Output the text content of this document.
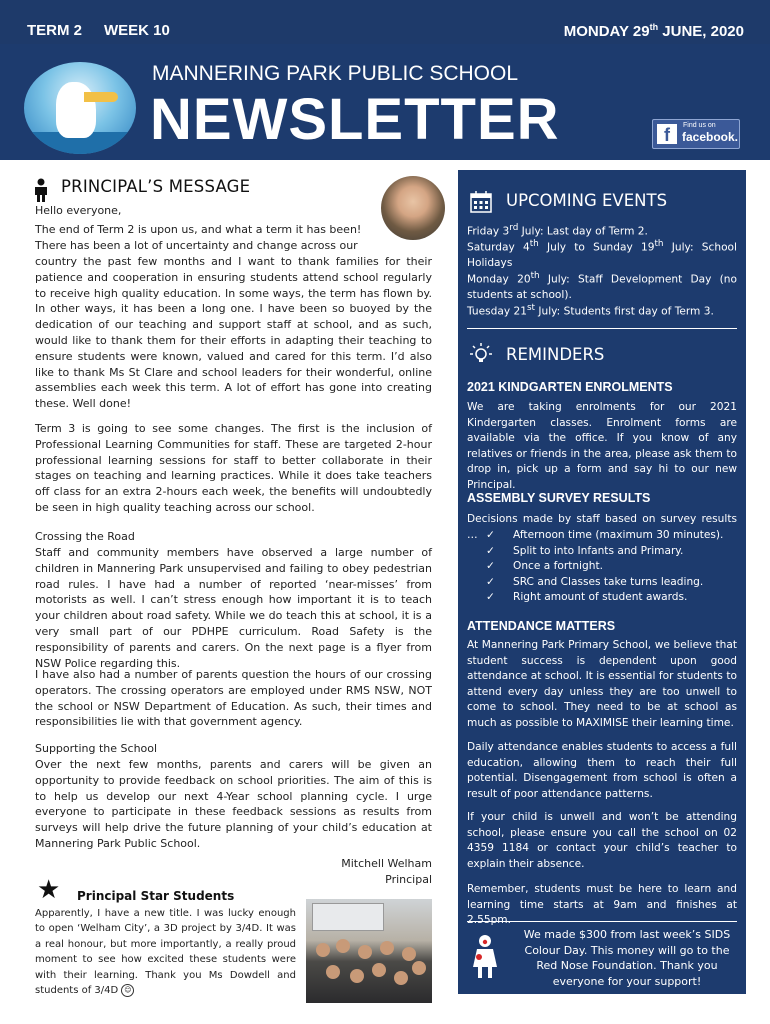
TERM 2 WEEK 10	MONDAY 29th JUNE, 2020
MANNERING PARK PUBLIC SCHOOL
NEWSLETTER	f	Find us on
facebook.
PRINCIPAL’S MESSAGE

Hello everyone,

The end of Term 2 is upon us, and what a term it has been!

There has been a lot of uncertainty and change across our

country the past few months and I want to thank families for their patience and cooperation in ensuring students attend school regularly to receive high quality education. In some ways, the term has flown by. In other ways, it has been a long one. I have been so buoyed by the dedication of our teaching and support staff at school, and as such, would like to thank them for their efforts in adapting their teaching to ensure students were known, valued and cared for this term. I’d also like to thank Ms St Clare and school leaders for their wonderful, online assemblies each week this term. A lot of effort has gone into creating these. Well done!

Term 3 is going to see some changes. The first is the inclusion of Professional Learning Communities for staff. These are targeted 2-hour professional learning sessions for staff to better collaborate in their stages on teaching and learning practices. While it does take teachers off class for an extra 2-hours each week, the benefits will undoubtedly be seen in high quality teaching across our school.

Crossing the Road

Staff and community members have observed a large number of children in Mannering Park unsupervised and failing to obey pedestrian road rules. I have had a number of reported ‘near-misses’ from motorists as well. I can’t stress enough how important it is to teach your children about road safety. While we do teach this at school, it is a very small part of our PDHPE curriculum. Road Safety is the responsibility of parents and carers. On the next page is a flyer from NSW Police regarding this.

I have also had a number of parents question the hours of our crossing operators. The crossing operators are employed under RMS NSW, NOT the school or NSW Department of Education. As such, their times and responsibilities lie with that government agency.

Supporting the School

Over the next few months, parents and carers will be given an opportunity to provide feedback on school priorities. The aim of this is to help us develop our next 4-Year school planning cycle. I urge everyone to participate in these feedback sessions as results from surveys will help drive the future planning of your child’s education at Mannering Park Public School.

Mitchell Welham

Principal

★ Principal Star Students

Apparently, I have a new title. I was lucky enough to open ‘Welham City’, a 3D project by 3/4D. It was a real honour, but more importantly, a really proud moment to see how excited these students were with their learning. Thank you Ms Dowdell and students of 3/4D ☺

UPCOMING EVENTS

Friday 3rd July: Last day of Term 2.

Saturday 4th July to Sunday 19th July: School Holidays

Monday 20th July: Staff Development Day (no students at school).

Tuesday 21st July: Students first day of Term 3.

REMINDERS
2021 KINDGARTEN ENROLMENTS

We are taking enrolments for our 2021 Kindergarten classes. Enrolment forms are available via the office. If you know of any relatives or friends in the area, please ask them to drop in, pick up a form and say hi to our new Principal.

ASSEMBLY SURVEY RESULTS

Decisions made by staff based on survey results …

✓	Afternoon time (maximum 30 minutes).
✓ Split to into Infants and Primary.
✓ Once a fortnight.
✓ SRC and Classes take turns leading.
✓ Right amount of student awards.
ATTENDANCE MATTERS

At Mannering Park Primary School, we believe that student success is dependent upon good attendance at school. It is essential for students to attend every day unless they are too unwell to come to school. They need to be at school as much as possible to MAXIMISE their learning time.

Daily attendance enables students to access a full education, allowing them to reach their full potential. Disengagement from school is often a result of poor attendance patterns.

If your child is unwell and won’t be attending school, please ensure you call the school on 02 4359 1184 or contact your child’s teacher to explain their absence.

Remember, students must be here to learn and learning time starts at 9am and finishes at 2.55pm.

We made $300 from last week’s SIDS Colour Day. This money will go to the Red Nose Foundation. Thank you everyone for your support!
